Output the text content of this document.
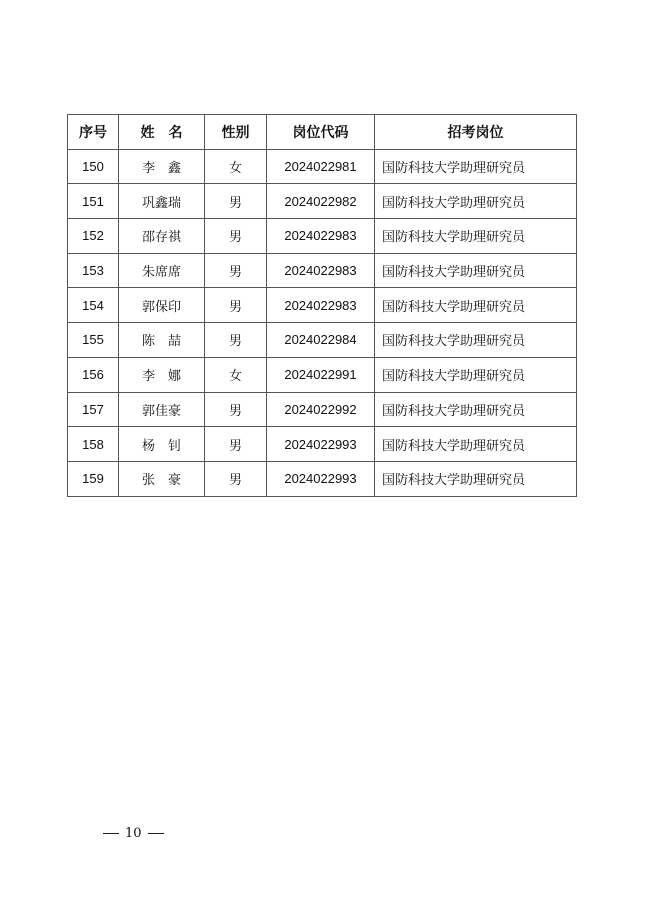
序号	姓　名	性别	岗位代码	招考岗位
150	李　鑫	女	2024022981	国防科技大学助理研究员
151	巩鑫瑞	男	2024022982	国防科技大学助理研究员
152	邵存祺	男	2024022983	国防科技大学助理研究员
153	朱席席	男	2024022983	国防科技大学助理研究员
154	郭保印	男	2024022983	国防科技大学助理研究员
155	陈　喆	男	2024022984	国防科技大学助理研究员
156	李　娜	女	2024022991	国防科技大学助理研究员
157	郭佳豪	男	2024022992	国防科技大学助理研究员
158	杨　钊	男	2024022993	国防科技大学助理研究员
159	张　豪	男	2024022993	国防科技大学助理研究员
10
